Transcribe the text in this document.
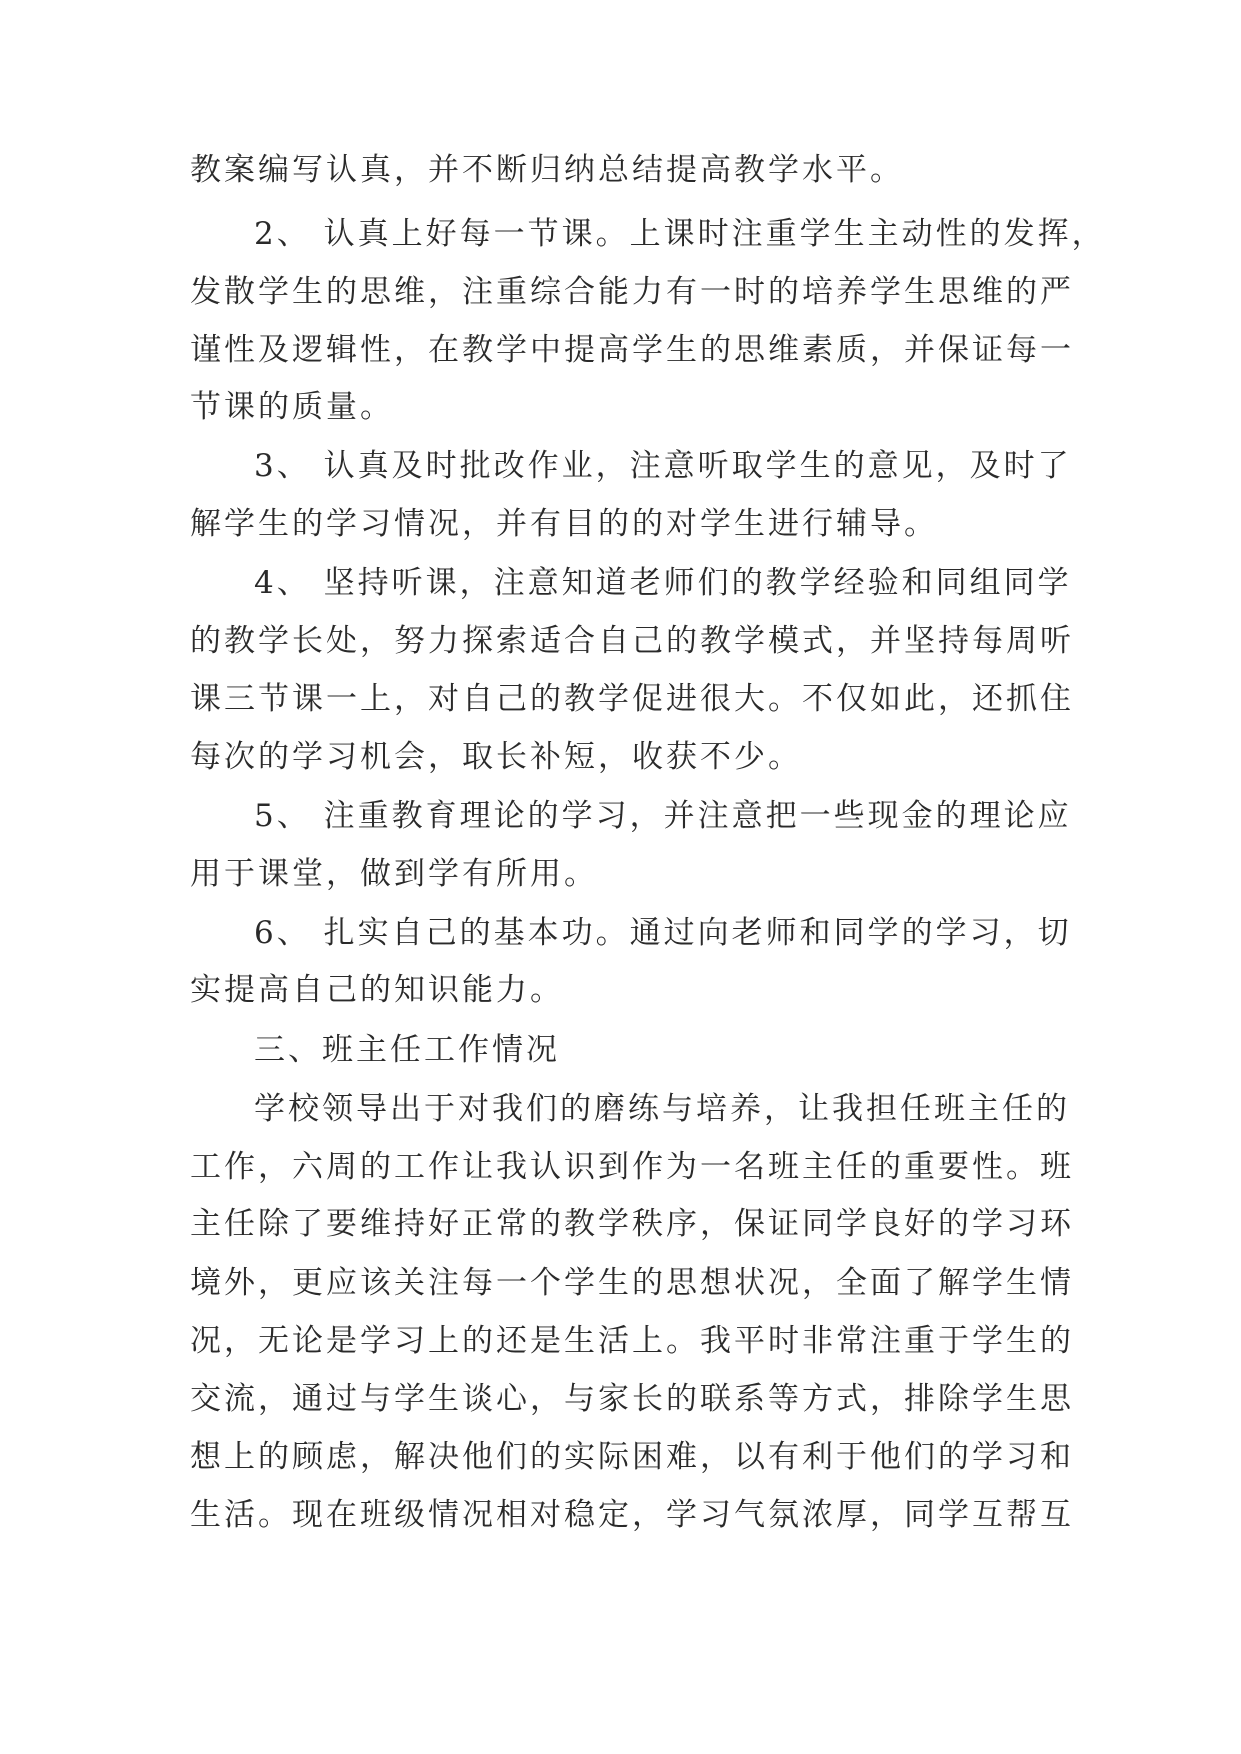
教案编写认真，并不断归纳总结提高教学水平。
2、 认真上好每一节课。上课时注重学生主动性的发挥，
发散学生的思维，注重综合能力有一时的培养学生思维的严
谨性及逻辑性，在教学中提高学生的思维素质，并保证每一
节课的质量。
3、 认真及时批改作业，注意听取学生的意见，及时了
解学生的学习情况，并有目的的对学生进行辅导。
4、 坚持听课，注意知道老师们的教学经验和同组同学
的教学长处，努力探索适合自己的教学模式，并坚持每周听
课三节课一上，对自己的教学促进很大。不仅如此，还抓住
每次的学习机会，取长补短，收获不少。
5、 注重教育理论的学习，并注意把一些现金的理论应
用于课堂，做到学有所用。
6、 扎实自己的基本功。通过向老师和同学的学习，切
实提高自己的知识能力。
三、班主任工作情况
学校领导出于对我们的磨练与培养，让我担任班主任的
工作，六周的工作让我认识到作为一名班主任的重要性。班
主任除了要维持好正常的教学秩序，保证同学良好的学习环
境外，更应该关注每一个学生的思想状况，全面了解学生情
况，无论是学习上的还是生活上。我平时非常注重于学生的
交流，通过与学生谈心，与家长的联系等方式，排除学生思
想上的顾虑，解决他们的实际困难，以有利于他们的学习和
生活。现在班级情况相对稳定，学习气氛浓厚，同学互帮互
